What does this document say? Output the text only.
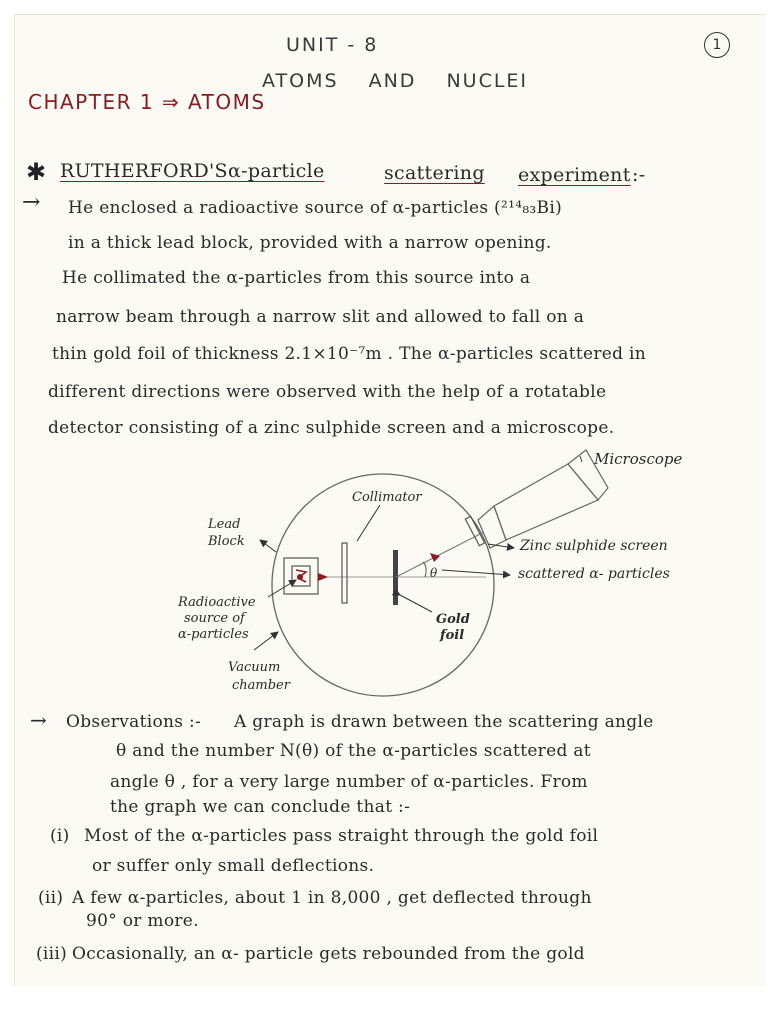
UNIT - 8	1
ATOMS AND NUCLEI
CHAPTER 1 ⇒ ATOMS
✱ RUTHERFORD'S α-particle	scattering experiment :-
→ He enclosed a radioactive source of α-particles (²¹⁴₈₃Bi)
in a thick lead block, provided with a narrow opening.
He collimated the α-particles from this source into a
narrow beam through a narrow slit and allowed to fall on a
thin gold foil of thickness 2.1×10⁻⁷m . The α-particles scattered in
different directions were observed with the help of a rotatable
detector consisting of a zinc sulphide screen and a microscope.
Microscope
Collimator
Lead Block	Zinc sulphide screen
scattered α- particles
θ
Radioactive
source of
α-particles
Gold
foil
Vacuum
chamber
→ Observations :- A graph is drawn between the scattering angle
θ and the number N(θ) of the α-particles scattered at
angle θ , for a very large number of α-particles. From
the graph we can conclude that :-
(i) Most of the α-particles pass straight through the gold foil
or suffer only small deflections.
(ii) A few α-particles, about 1 in 8,000 , get deflected through
90° or more.
(iii) Occasionally, an α- particle gets rebounded from the gold
